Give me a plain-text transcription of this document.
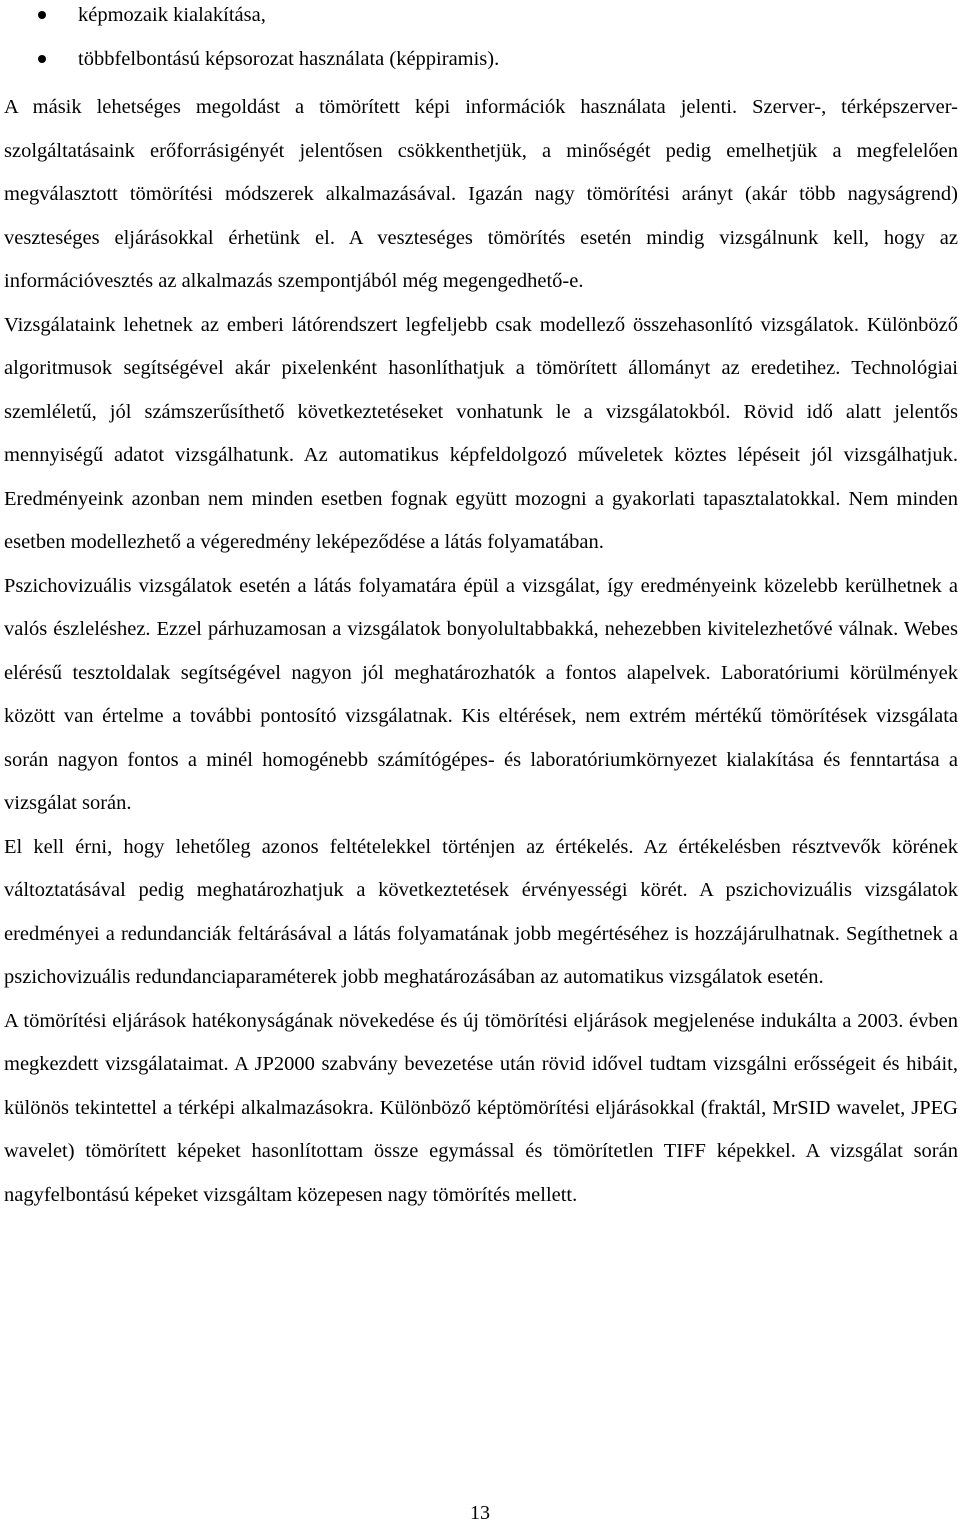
képmozaik kialakítása,
többfelbontású képsorozat használata (képpiramis).

A másik lehetséges megoldást a tömörített képi információk használata jelenti. Szerver-, térképszerver-szolgáltatásaink erőforrásigényét jelentősen csökkenthetjük, a minőségét pedig emelhetjük a megfelelően megválasztott tömörítési módszerek alkalmazásával. Igazán nagy tömörítési arányt (akár több nagyságrend) veszteséges eljárásokkal érhetünk el. A veszteséges tömörítés esetén mindig vizsgálnunk kell, hogy az információvesztés az alkalmazás szempontjából még megengedhető-e.

Vizsgálataink lehetnek az emberi látórendszert legfeljebb csak modellező összehasonlító vizsgálatok. Különböző algoritmusok segítségével akár pixelenként hasonlíthatjuk a tömörített állományt az eredetihez. Technológiai szemléletű, jól számszerűsíthető következtetéseket vonhatunk le a vizsgálatokból. Rövid idő alatt jelentős mennyiségű adatot vizsgálhatunk. Az automatikus képfeldolgozó műveletek köztes lépéseit jól vizsgálhatjuk. Eredményeink azonban nem minden esetben fognak együtt mozogni a gyakorlati tapasztalatokkal. Nem minden esetben modellezhető a végeredmény leképeződése a látás folyamatában.

Pszichovizuális vizsgálatok esetén a látás folyamatára épül a vizsgálat, így eredményeink közelebb kerülhetnek a valós észleléshez. Ezzel párhuzamosan a vizsgálatok bonyolultabbakká, nehezebben kivitelezhetővé válnak. Webes elérésű tesztoldalak segítségével nagyon jól meghatározhatók a fontos alapelvek. Laboratóriumi körülmények között van értelme a további pontosító vizsgálatnak. Kis eltérések, nem extrém mértékű tömörítések vizsgálata során nagyon fontos a minél homogénebb számítógépes- és laboratóriumkörnyezet kialakítása és fenntartása a vizsgálat során.

El kell érni, hogy lehetőleg azonos feltételekkel történjen az értékelés. Az értékelésben résztvevők körének változtatásával pedig meghatározhatjuk a következtetések érvényességi körét. A pszichovizuális vizsgálatok eredményei a redundanciák feltárásával a látás folyamatának jobb megértéséhez is hozzájárulhatnak. Segíthetnek a pszichovizuális redundanciaparaméterek jobb meghatározásában az automatikus vizsgálatok esetén.

A tömörítési eljárások hatékonyságának növekedése és új tömörítési eljárások megjelenése indukálta a 2003. évben megkezdett vizsgálataimat. A JP2000 szabvány bevezetése után rövid idővel tudtam vizsgálni erősségeit és hibáit, különös tekintettel a térképi alkalmazásokra. Különböző képtömörítési eljárásokkal (fraktál, MrSID wavelet, JPEG wavelet) tömörített képeket hasonlítottam össze egymással és tömörítetlen TIFF képekkel. A vizsgálat során nagyfelbontású képeket vizsgáltam közepesen nagy tömörítés mellett.

13
